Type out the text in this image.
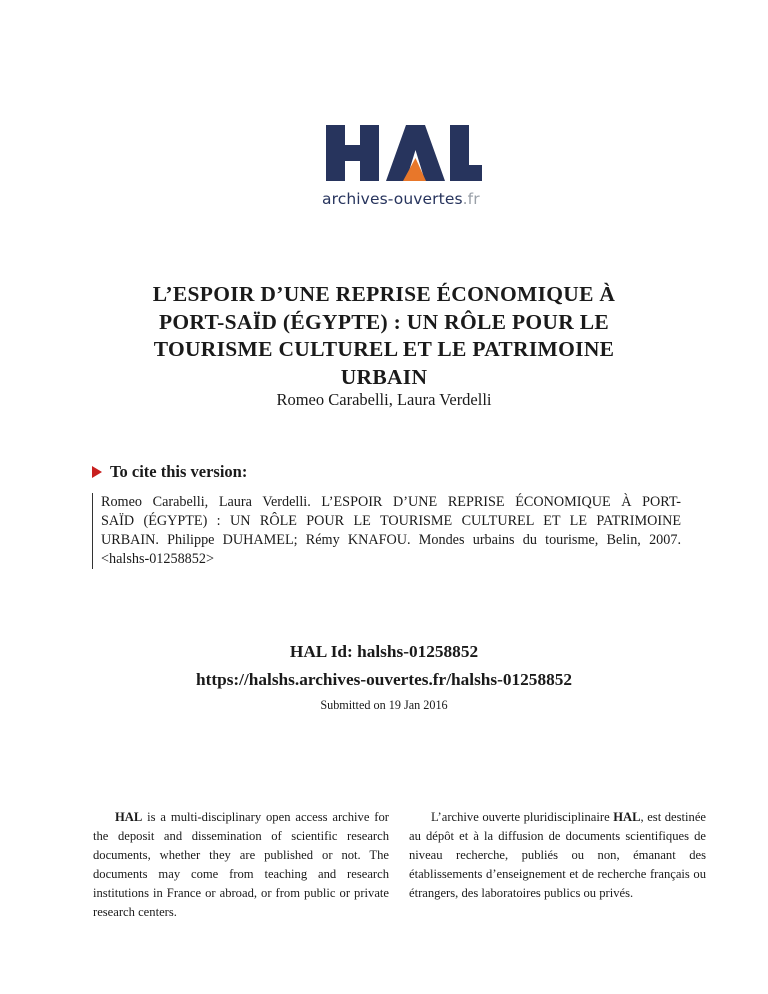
archives-ouvertes.fr
L’ESPOIR D’UNE REPRISE ÉCONOMIQUE À
PORT-SAÏD (ÉGYPTE) : UN RÔLE POUR LE
TOURISME CULTUREL ET LE PATRIMOINE
URBAIN
Romeo Carabelli, Laura Verdelli
To cite this version:
Romeo Carabelli, Laura Verdelli. L’ESPOIR D’UNE REPRISE ÉCONOMIQUE À PORT-
SAÏD (ÉGYPTE) : UN RÔLE POUR LE TOURISME CULTUREL ET LE PATRIMOINE
URBAIN. Philippe DUHAMEL; Rémy KNAFOU. Mondes urbains du tourisme, Belin, 2007.
<halshs-01258852>
HAL Id: halshs-01258852
https://halshs.archives-ouvertes.fr/halshs-01258852
Submitted on 19 Jan 2016
HAL is a multi-disciplinary open access archive for the deposit and dissemination of scientific research documents, whether they are published or not. The documents may come from teaching and research institutions in France or abroad, or from public or private research centers.
L’archive ouverte pluridisciplinaire HAL, est destinée au dépôt et à la diffusion de documents scientifiques de niveau recherche, publiés ou non, émanant des établissements d’enseignement et de recherche français ou étrangers, des laboratoires publics ou privés.
